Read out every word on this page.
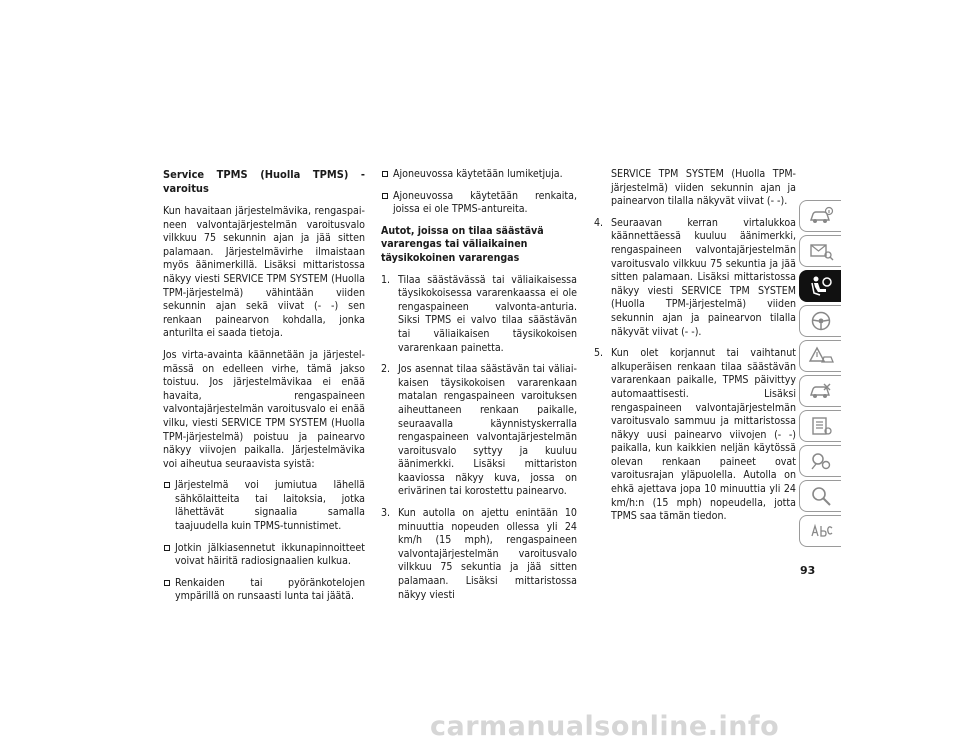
Service TPMS (Huolla TPMS) -varoitus

Kun havaitaan järjestelmävika, rengaspaineen valvontajärjestelmän varoitusvalo vilkkuu 75 sekunnin ajan ja jää sitten palamaan. Järjestelmävirhe ilmaistaan myös äänimerkillä. Lisäksi mittaristossa näkyy viesti SERVICE TPM SYSTEM (Huolla TPM-järjestelmä) vähintään viiden sekunnin ajan sekä viivat (- -) sen renkaan painearvon kohdalla, jonka anturilta ei saada tietoja.

Jos virta-avainta käännetään ja järjestelmässä on edelleen virhe, tämä jakso toistuu. Jos järjestelmävikaa ei enää havaita, rengaspaineen valvontajärjestelmän varoitusvalo ei enää vilku, viesti SERVICE TPM SYSTEM (Huolla TPM-järjestelmä) poistuu ja painearvo näkyy viivojen paikalla. Järjestelmävika voi aiheutua seuraavista syistä:

Järjestelmä voi jumiutua lähellä sähkölaitteita tai laitoksia, jotka lähettävät signaalia samalla taajuudella kuin TPMS-tunnistimet.
Jotkin jälkiasennetut ikkunapinnoitteet voivat häiritä radiosignaalien kulkua.
Renkaiden tai pyöränkotelojen ympärillä on runsaasti lunta tai jäätä.
Ajoneuvossa käytetään lumiketjuja.
Ajoneuvossa käytetään renkaita, joissa ei ole TPMS-antureita.
Autot, joissa on tilaa säästävä vararengas tai väliaikainen täysikokoinen vararengas
1. Tilaa säästävässä tai väliaikaisessa täysikokoisessa vararenkaassa ei ole rengaspaineen valvonta-anturia. Siksi TPMS ei valvo tilaa säästävän tai väliaikaisen täysikokoisen vararenkaan painetta.
2. Jos asennat tilaa säästävän tai väliaikaisen täysikokoisen vararenkaan matalan rengaspaineen varoituksen aiheuttaneen renkaan paikalle, seuraavalla käynnistyskerralla rengaspaineen valvontajärjestelmän varoitusvalo syttyy ja kuuluu äänimerkki. Lisäksi mittariston kaaviossa näkyy kuva, jossa on erivärinen tai korostettu painearvo.
3. Kun autolla on ajettu enintään 10 minuuttia nopeuden ollessa yli 24 km/h (15 mph), rengaspaineen valvontajärjestelmän varoitusvalo vilkkuu 75 sekuntia ja jää sitten palamaan. Lisäksi mittaristossa näkyy viesti
SERVICE TPM SYSTEM (Huolla TPM-järjestelmä) viiden sekunnin ajan ja painearvon tilalla näkyvät viivat (- -).
4. Seuraavan kerran virtalukkoa käännettäessä kuuluu äänimerkki, rengaspaineen valvontajärjestelmän varoitusvalo vilkkuu 75 sekuntia ja jää sitten palamaan. Lisäksi mittaristossa näkyy viesti SERVICE TPM SYSTEM (Huolla TPM-järjestelmä) viiden sekunnin ajan ja painearvon tilalla näkyvät viivat (- -).
5. Kun olet korjannut tai vaihtanut alkuperäisen renkaan tilaa säästävän vararenkaan paikalle, TPMS päivittyy automaattisesti. Lisäksi rengaspaineen valvontajärjestelmän varoitusvalo sammuu ja mittaristossa näkyy uusi painearvo viivojen (- -) paikalla, kun kaikkien neljän käytössä olevan renkaan paineet ovat varoitusrajan yläpuolella. Autolla on ehkä ajettava jopa 10 minuuttia yli 24 km/h:n (15 mph) nopeudella, jotta TPMS saa tämän tiedon.
93
carmanualsonline.info
